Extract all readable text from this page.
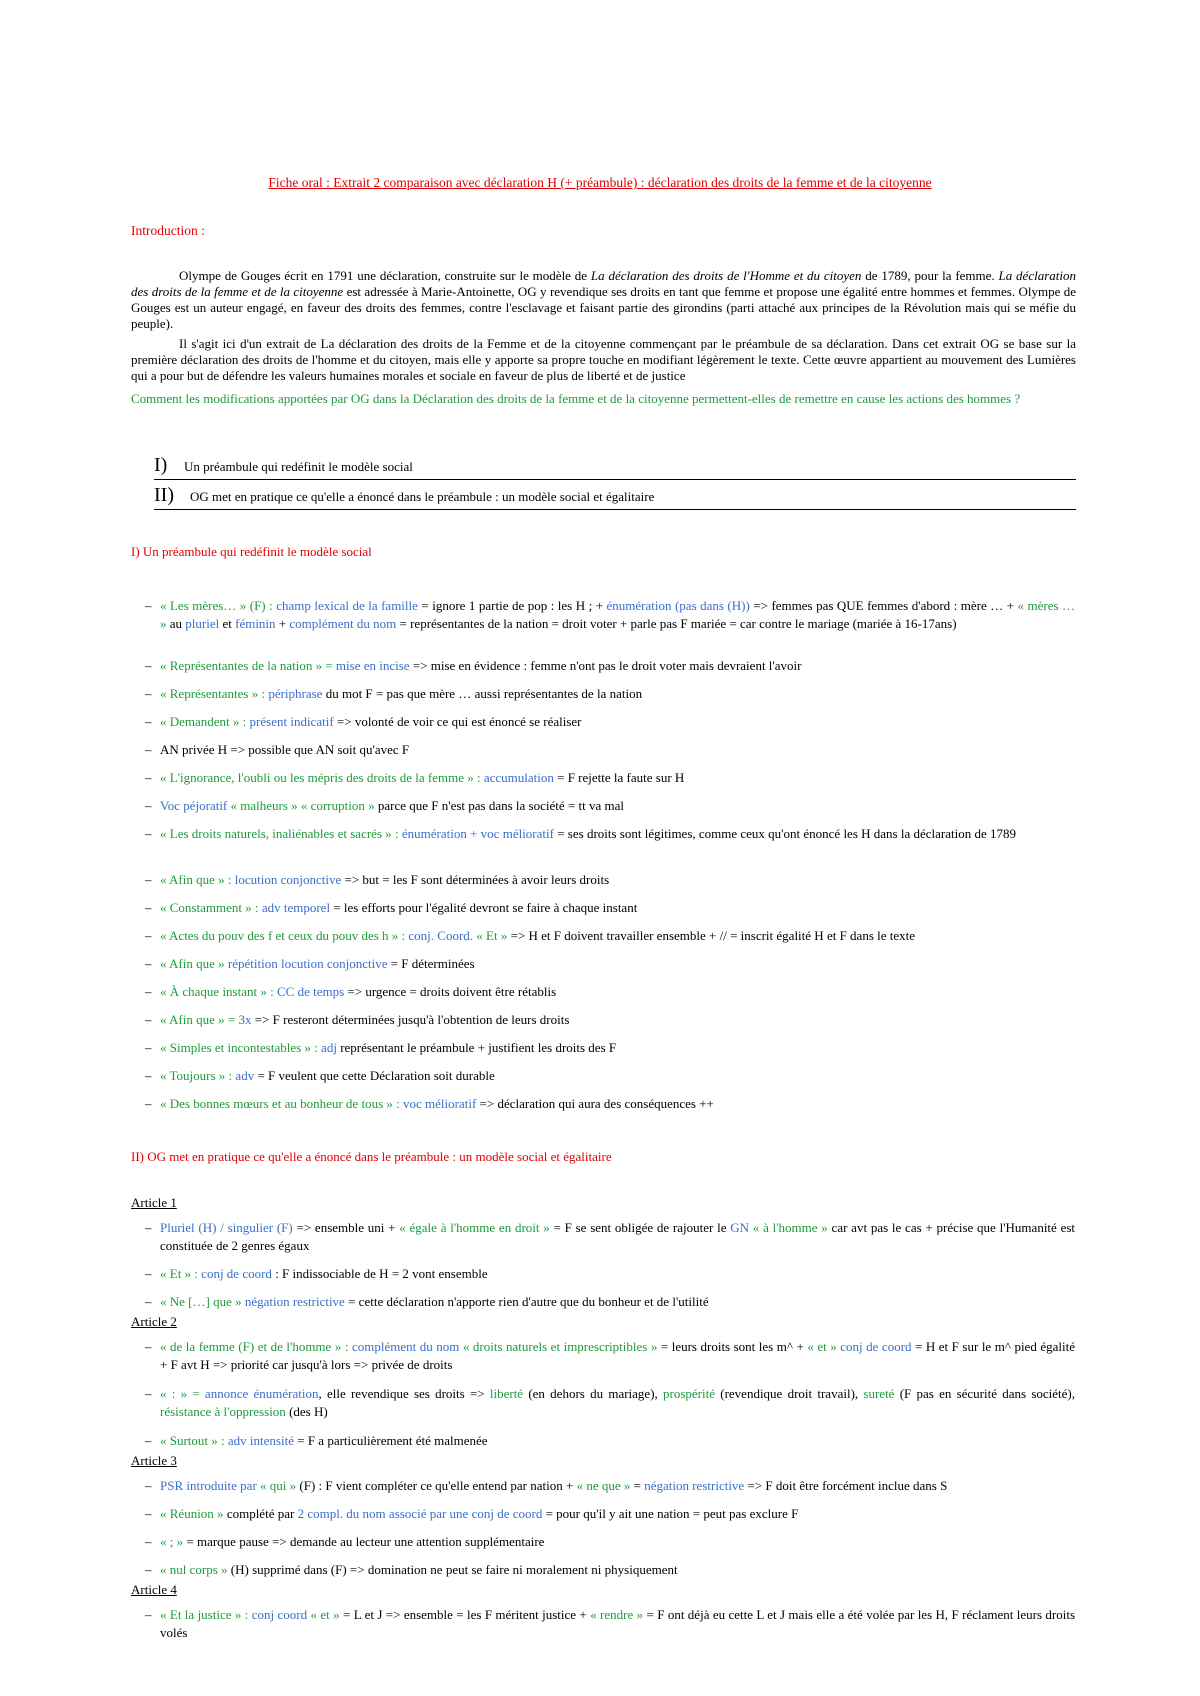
Fiche oral : Extrait 2 comparaison avec déclaration H (+ préambule) : déclaration des droits de la femme et de la citoyenne
Introduction :
Olympe de Gouges écrit en 1791 une déclaration, construite sur le modèle de La déclaration des droits de l'Homme et du citoyen de 1789, pour la femme. La déclaration des droits de la femme et de la citoyenne est adressée à Marie-Antoinette, OG y revendique ses droits en tant que femme et propose une égalité entre hommes et femmes. Olympe de Gouges est un auteur engagé, en faveur des droits des femmes, contre l'esclavage et faisant partie des girondins (parti attaché aux principes de la Révolution mais qui se méfie du peuple).
Il s'agit ici d'un extrait de La déclaration des droits de la Femme et de la citoyenne commençant par le préambule de sa déclaration. Dans cet extrait OG se base sur la première déclaration des droits de l'homme et du citoyen, mais elle y apporte sa propre touche en modifiant légèrement le texte. Cette œuvre appartient au mouvement des Lumières qui a pour but de défendre les valeurs humaines morales et sociale en faveur de plus de liberté et de justice
Comment les modifications apportées par OG dans la Déclaration des droits de la femme et de la citoyenne permettent-elles de remettre en cause les actions des hommes ?
I) Un préambule qui redéfinit le modèle social
II) OG met en pratique ce qu'elle a énoncé dans le préambule : un modèle social et égalitaire
I) Un préambule qui redéfinit le modèle social
– « Les mères… » (F) : champ lexical de la famille = ignore 1 partie de pop : les H ; + énumération (pas dans (H)) => femmes pas QUE femmes d'abord : mère … + « mères … » au pluriel et féminin + complément du nom = représentantes de la nation = droit voter + parle pas F mariée = car contre le mariage (mariée à 16-17ans)
– « Représentantes de la nation » = mise en incise => mise en évidence : femme n'ont pas le droit voter mais devraient l'avoir
– « Représentantes » : périphrase du mot F = pas que mère … aussi représentantes de la nation
– « Demandent » : présent indicatif => volonté de voir ce qui est énoncé se réaliser
– AN privée H => possible que AN soit qu'avec F
– « L'ignorance, l'oubli ou les mépris des droits de la femme » : accumulation = F rejette la faute sur H
– Voc péjoratif « malheurs » « corruption » parce que F n'est pas dans la société = tt va mal
– « Les droits naturels, inaliénables et sacrés » : énumération + voc mélioratif = ses droits sont légitimes, comme ceux qu'ont énoncé les H dans la déclaration de 1789
– « Afin que » : locution conjonctive => but = les F sont déterminées à avoir leurs droits
– « Constamment » : adv temporel = les efforts pour l'égalité devront se faire à chaque instant
– « Actes du pouv des f et ceux du pouv des h » : conj. Coord. « Et » => H et F doivent travailler ensemble + // = inscrit égalité H et F dans le texte
– « Afin que » répétition locution conjonctive = F déterminées
– « À chaque instant » : CC de temps => urgence = droits doivent être rétablis
– « Afin que » = 3x => F resteront déterminées jusqu'à l'obtention de leurs droits
– « Simples et incontestables » : adj représentant le préambule + justifient les droits des F
– « Toujours » : adv = F veulent que cette Déclaration soit durable
– « Des bonnes mœurs et au bonheur de tous » : voc mélioratif => déclaration qui aura des conséquences ++
II) OG met en pratique ce qu'elle a énoncé dans le préambule : un modèle social et égalitaire
Article 1
– Pluriel (H) / singulier (F) => ensemble uni + « égale à l'homme en droit » = F se sent obligée de rajouter le GN « à l'homme » car avt pas le cas + précise que l'Humanité est constituée de 2 genres égaux
– « Et » : conj de coord : F indissociable de H = 2 vont ensemble
– « Ne […] que » négation restrictive = cette déclaration n'apporte rien d'autre que du bonheur et de l'utilité
Article 2
– « de la femme (F) et de l'homme » : complément du nom « droits naturels et imprescriptibles » = leurs droits sont les m^ + « et » conj de coord = H et F sur le m^ pied égalité + F avt H => priorité car jusqu'à lors => privée de droits
– « : » = annonce énumération, elle revendique ses droits => liberté (en dehors du mariage), prospérité (revendique droit travail), sureté (F pas en sécurité dans société), résistance à l'oppression (des H)
– « Surtout » : adv intensité = F a particulièrement été malmenée
Article 3
– PSR introduite par « qui » (F) : F vient compléter ce qu'elle entend par nation + « ne que » = négation restrictive => F doit être forcément inclue dans S
– « Réunion » complété par 2 compl. du nom associé par une conj de coord = pour qu'il y ait une nation = peut pas exclure F
– « ; » = marque pause => demande au lecteur une attention supplémentaire
– « nul corps » (H) supprimé dans (F) => domination ne peut se faire ni moralement ni physiquement
Article 4
– « Et la justice » : conj coord « et » = L et J => ensemble = les F méritent justice + « rendre » = F ont déjà eu cette L et J mais elle a été volée par les H, F réclament leurs droits volés
